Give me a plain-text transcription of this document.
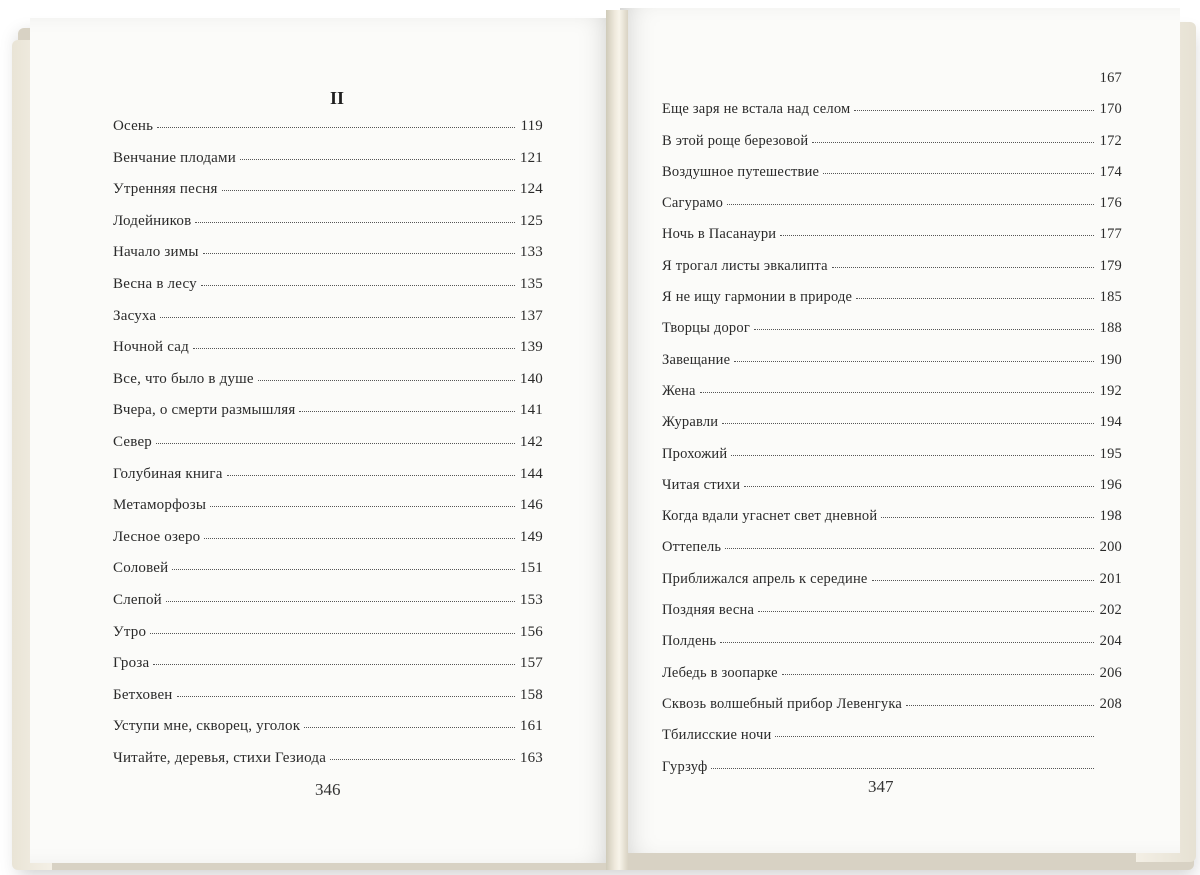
II
Осень	119
Венчание плодами	121
Утренняя песня	124
Лодейников	125
Начало зимы	133
Весна в лесу	135
Засуха	137
Ночной сад	139
Все, что было в душе	140
Вчера, о смерти размышляя	141
Север	142
Голубиная книга	144
Метаморфозы	146
Лесное озеро	149
Соловей	151
Слепой	153
Утро	156
Гроза	157
Бетховен	158
Уступи мне, скворец, уголок	161
Читайте, деревья, стихи Гезиода	163
167
Еще заря не встала над селом	170
В этой роще березовой	172
Воздушное путешествие	174
Сагурамо	176
Ночь в Пасанаури	177
Я трогал листы эвкалипта	179
Я не ищу гармонии в природе	185
Творцы дорог	188
Завещание	190
Жена	192
Журавли	194
Прохожий	195
Читая стихи	196
Когда вдали угаснет свет дневной	198
Оттепель	200
Приближался апрель к середине	201
Поздняя весна	202
Полдень	204
Лебедь в зоопарке	206
Сквозь волшебный прибор Левенгука	208
Тбилисские ночи
Гурзуф
346	347
